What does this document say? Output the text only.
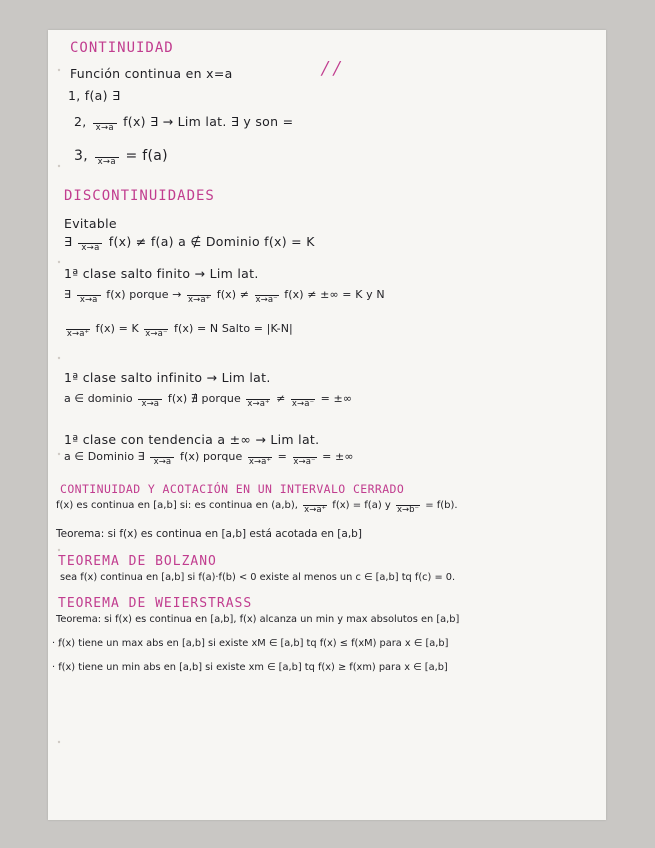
CONTINUIDAD
/ /
Función continua en x=a
1, f(a) ∃
2,	x→a f(x) ∃ → Lim lat. ∃ y son =
3,	x→a = f(a)
DISCONTINUIDADES
Evitable
∃	x→a f(x) ≠ f(a) a ∉ Dominio f(x) = K
1ª clase salto finito → Lim lat.
∃	x→a f(x) porque → x→a⁺ f(x) ≠ x→a⁻ f(x) ≠ ±∞ = K y N
x→a⁺ f(x) = K x→a⁻ f(x) = N Salto = |K-N|
1ª clase salto infinito → Lim lat.
a ∈ dominio	x→a f(x) ∄ porque x→a⁺ ≠ x→a⁻ = ±∞
1ª clase con tendencia a ±∞ → Lim lat.
a ∈ Dominio ∃	x→a f(x) porque x→a⁺ = x→a⁻ = ±∞
CONTINUIDAD Y ACOTACIÓN EN UN INTERVALO CERRADO
f(x) es continua en [a,b] si: es continua en (a,b), x→a⁺ f(x) = f(a) y x→b⁻ = f(b).
Teorema: si f(x) es continua en [a,b] está acotada en [a,b]
TEOREMA DE BOLZANO
sea f(x) continua en [a,b] si f(a)·f(b) < 0 existe al menos un c ∈ [a,b] tq f(c) = 0.
TEOREMA DE WEIERSTRASS
Teorema: si f(x) es continua en [a,b], f(x) alcanza un min y max absolutos en [a,b]
· f(x) tiene un max abs en [a,b] si existe xM ∈ [a,b] tq f(x) ≤ f(xM) para x ∈ [a,b]
· f(x) tiene un min abs en [a,b] si existe xm ∈ [a,b] tq f(x) ≥ f(xm) para x ∈ [a,b]
